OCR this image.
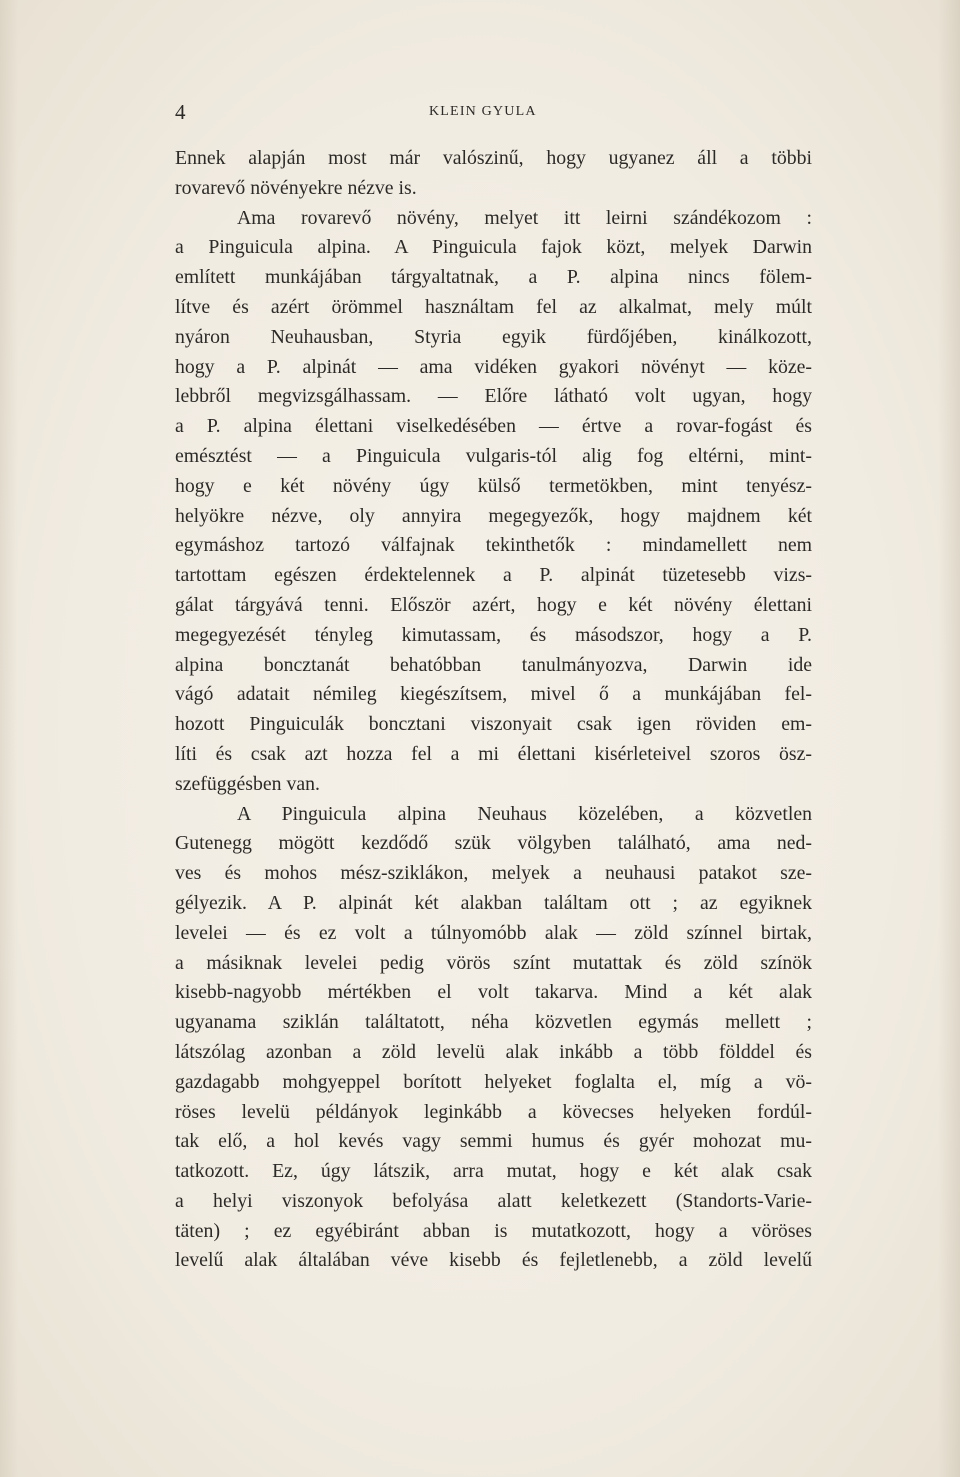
4	KLEIN GYULA
Ennek alapján most már valószinű, hogy ugyanez áll a többi
rovarevő növényekre nézve is.
Ama rovarevő növény, melyet itt leirni szándékozom :
a Pinguicula alpina. A Pinguicula fajok közt, melyek Darwin
említett munkájában tárgyaltatnak, a P. alpina nincs fölem-
lítve és azért örömmel használtam fel az alkalmat, mely múlt
nyáron Neuhausban, Styria egyik fürdőjében, kinálkozott,
hogy a P. alpinát — ama vidéken gyakori növényt — köze-
lebbről megvizsgálhassam. — Előre látható volt ugyan, hogy
a P. alpina élettani viselkedésében — értve a rovar-fogást és
emésztést — a Pinguicula vulgaris-tól alig fog eltérni, mint-
hogy e két növény úgy külső termetökben, mint tenyész-
helyökre nézve, oly annyira megegyezők, hogy majdnem két
egymáshoz tartozó válfajnak tekinthetők : mindamellett nem
tartottam egészen érdektelennek a P. alpinát tüzetesebb vizs-
gálat tárgyává tenni. Először azért, hogy e két növény élettani
megegyezését tényleg kimutassam, és másodszor, hogy a P.
alpina boncztanát behatóbban tanulmányozva, Darwin ide
vágó adatait némileg kiegészítsem, mivel ő a munkájában fel-
hozott Pinguiculák boncztani viszonyait csak igen röviden em-
líti és csak azt hozza fel a mi élettani kisérleteivel szoros ösz-
szefüggésben van.
A Pinguicula alpina Neuhaus közelében, a közvetlen
Gutenegg mögött kezdődő szük völgyben található, ama ned-
ves és mohos mész-sziklákon, melyek a neuhausi patakot sze-
gélyezik. A P. alpinát két alakban találtam ott ; az egyiknek
levelei — és ez volt a túlnyomóbb alak — zöld színnel birtak,
a másiknak levelei pedig vörös színt mutattak és zöld színök
kisebb-nagyobb mértékben el volt takarva. Mind a két alak
ugyanama sziklán találtatott, néha közvetlen egymás mellett ;
látszólag azonban a zöld levelü alak inkább a több földdel és
gazdagabb mohgyeppel borított helyeket foglalta el, míg a vö-
röses levelü példányok leginkább a kövecses helyeken fordúl-
tak elő, a hol kevés vagy semmi humus és gyér mohozat mu-
tatkozott. Ez, úgy látszik, arra mutat, hogy e két alak csak
a helyi viszonyok befolyása alatt keletkezett (Standorts-Varie-
täten) ; ez egyébiránt abban is mutatkozott, hogy a vöröses
levelű alak általában véve kisebb és fejletlenebb, a zöld levelű
